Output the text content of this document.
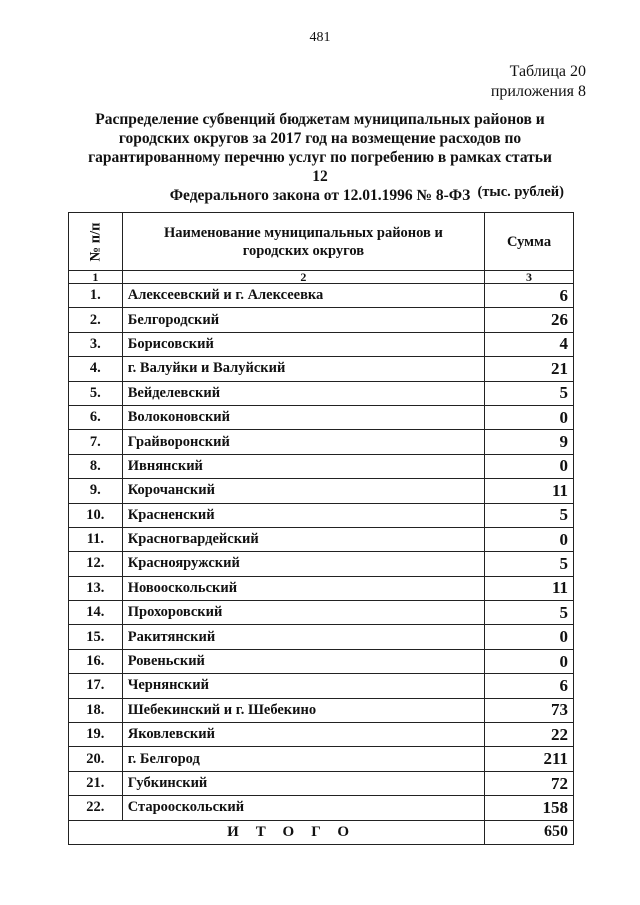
481
Таблица 20
приложения 8
Распределение субвенций бюджетам муниципальных районов и
городских округов за 2017 год на возмещение расходов по
гарантированному перечню услуг по погребению в рамках статьи 12
Федерального закона от 12.01.1996 № 8-ФЗ (тыс. рублей)
№ п/п	Наименование муниципальных районов и городских округов	Сумма
1	2	3
1.	Алексеевский и г. Алексеевка	6
2.	Белгородский	26
3.	Борисовский	4
4.	г. Валуйки и Валуйский	21
5.	Вейделевский	5
6.	Волоконовский	0
7.	Грайворонский	9
8.	Ивнянский	0
9.	Корочанский	11
10.	Красненский	5
11.	Красногвардейский	0
12.	Краснояружский	5
13.	Новооскольский	11
14.	Прохоровский	5
15.	Ракитянский	0
16.	Ровеньский	0
17.	Чернянский	6
18.	Шебекинский и г. Шебекино	73
19.	Яковлевский	22
20.	г. Белгород	211
21.	Губкинский	72
22.	Старооскольский	158
ИТОГО		650
